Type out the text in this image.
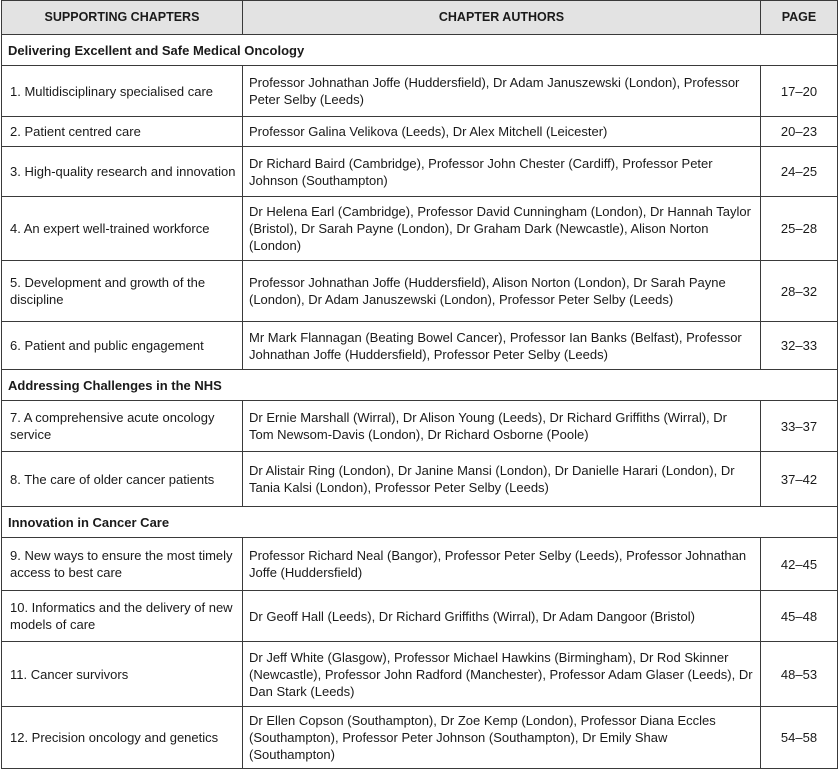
SUPPORTING CHAPTERS	CHAPTER AUTHORS	PAGE
Delivering Excellent and Safe Medical Oncology		
1. Multidisciplinary specialised care	Professor Johnathan Joffe (Huddersfield), Dr Adam Januszewski (London), Professor Peter Selby (Leeds)	17–20
2. Patient centred care	Professor Galina Velikova (Leeds), Dr Alex Mitchell (Leicester)	20–23
3. High-quality research and innovation	Dr Richard Baird (Cambridge), Professor John Chester (Cardiff), Professor Peter Johnson (Southampton)	24–25
4. An expert well-trained workforce	Dr Helena Earl (Cambridge), Professor David Cunningham (London), Dr Hannah Taylor (Bristol), Dr Sarah Payne (London), Dr Graham Dark (Newcastle), Alison Norton (London)	25–28
5. Development and growth of the discipline	Professor Johnathan Joffe (Huddersfield), Alison Norton (London), Dr Sarah Payne (London), Dr Adam Januszewski (London), Professor Peter Selby (Leeds)	28–32
6. Patient and public engagement	Mr Mark Flannagan (Beating Bowel Cancer), Professor Ian Banks (Belfast), Professor Johnathan Joffe (Huddersfield), Professor Peter Selby (Leeds)	32–33
Addressing Challenges in the NHS		
7. A comprehensive acute oncology service	Dr Ernie Marshall (Wirral), Dr Alison Young (Leeds), Dr Richard Griffiths (Wirral), Dr Tom Newsom-Davis (London), Dr Richard Osborne (Poole)	33–37
8. The care of older cancer patients	Dr Alistair Ring (London), Dr Janine Mansi (London), Dr Danielle Harari (London), Dr Tania Kalsi (London), Professor Peter Selby (Leeds)	37–42
Innovation in Cancer Care		
9. New ways to ensure the most timely access to best care	Professor Richard Neal (Bangor), Professor Peter Selby (Leeds), Professor Johnathan Joffe (Huddersfield)	42–45
10. Informatics and the delivery of new models of care	Dr Geoff Hall (Leeds), Dr Richard Griffiths (Wirral), Dr Adam Dangoor (Bristol)	45–48
11. Cancer survivors	Dr Jeff White (Glasgow), Professor Michael Hawkins (Birmingham), Dr Rod Skinner (Newcastle), Professor John Radford (Manchester), Professor Adam Glaser (Leeds), Dr Dan Stark (Leeds)	48–53
12. Precision oncology and genetics	Dr Ellen Copson (Southampton), Dr Zoe Kemp (London), Professor Diana Eccles (Southampton), Professor Peter Johnson (Southampton), Dr Emily Shaw (Southampton)	54–58
